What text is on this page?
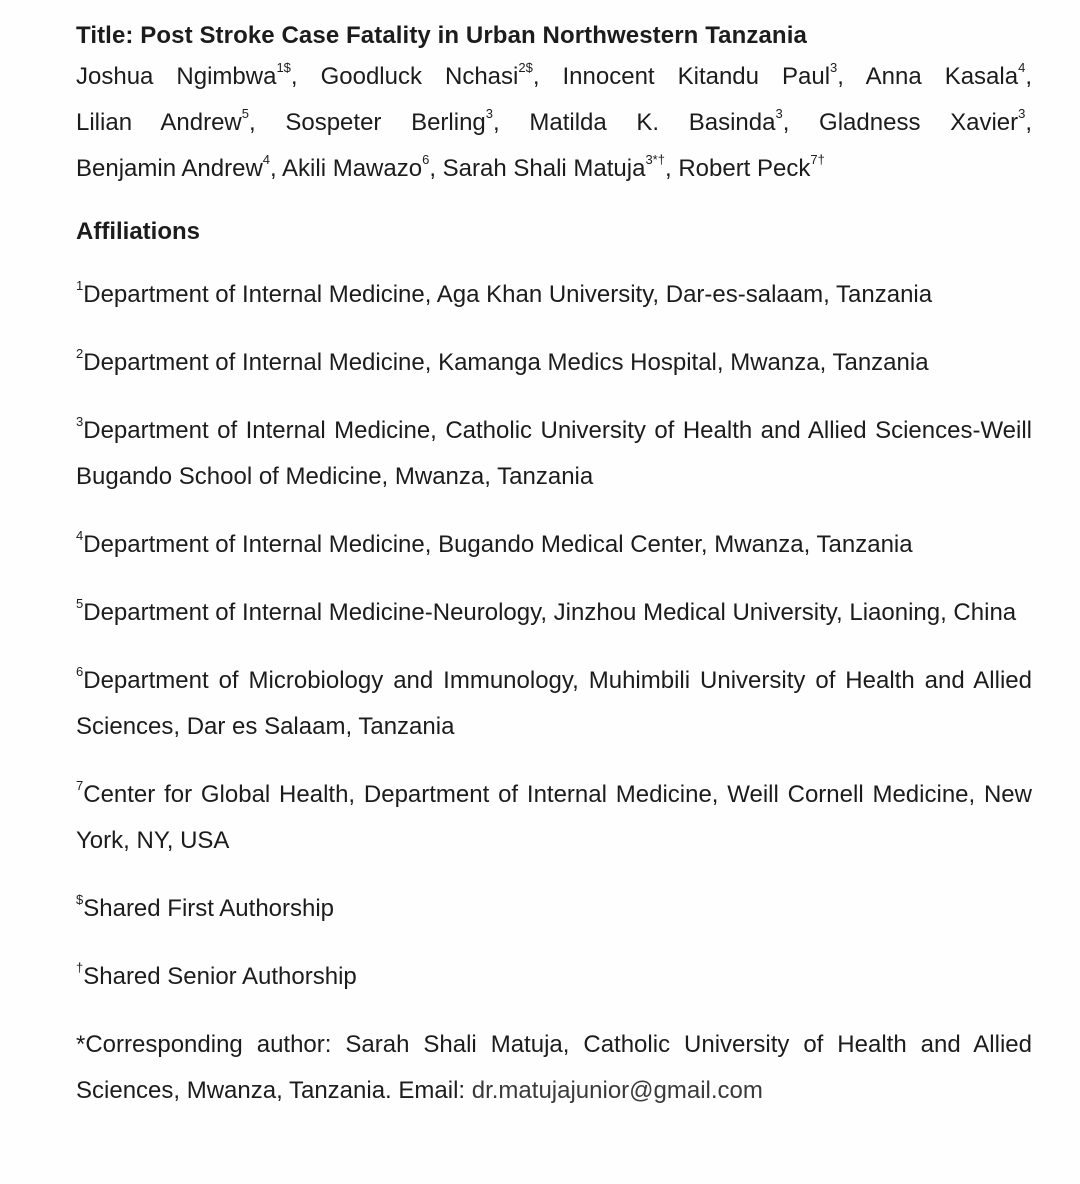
Title: Post Stroke Case Fatality in Urban Northwestern Tanzania

Joshua Ngimbwa$^{1\$}$, Goodluck Nchasi$^{2\$}$, Innocent Kitandu Paul$^3$, Anna Kasala$^4$,

Lilian Andrew$^5$, Sospeter Berling$^3$, Matilda K. Basinda$^3$, Gladness Xavier$^3$,

Benjamin Andrew$^4$, Akili Mawazo$^6$, Sarah Shali Matuja$^{3*\dagger}$, Robert Peck$^{7\dagger}$

Affiliations

$^1$Department of Internal Medicine, Aga Khan University, Dar-es-salaam, Tanzania

$^2$Department of Internal Medicine, Kamanga Medics Hospital, Mwanza, Tanzania

$^3$Department of Internal Medicine, Catholic University of Health and Allied Sciences-Weill Bugando School of Medicine, Mwanza, Tanzania

$^4$Department of Internal Medicine, Bugando Medical Center, Mwanza, Tanzania

$^5$Department of Internal Medicine-Neurology, Jinzhou Medical University, Liaoning, China

$^6$Department of Microbiology and Immunology, Muhimbili University of Health and Allied Sciences, Dar es Salaam, Tanzania

$^7$Center for Global Health, Department of Internal Medicine, Weill Cornell Medicine, New York, NY, USA

$Shared First Authorship

†Shared Senior Authorship

*Corresponding author: Sarah Shali Matuja, Catholic University of Health and Allied Sciences, Mwanza, Tanzania. Email: dr.matujajunior@gmail.com
